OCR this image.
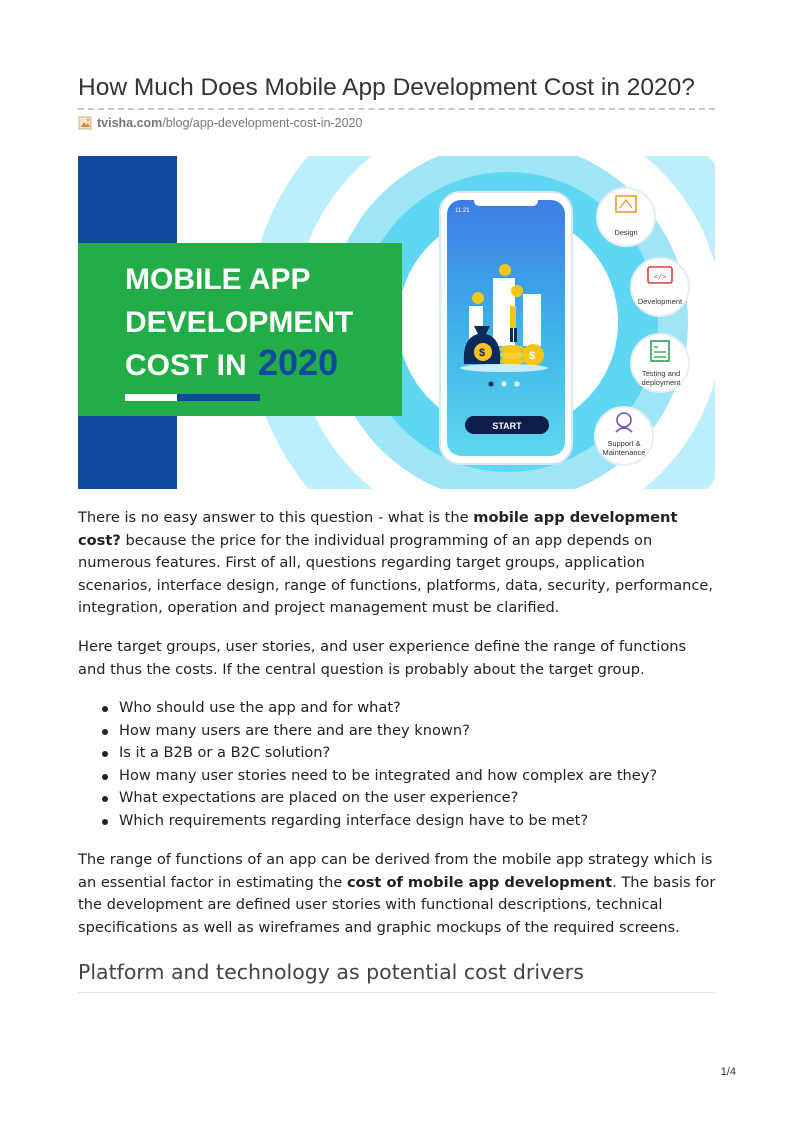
How Much Does Mobile App Development Cost in 2020?
tvisha.com/blog/app-development-cost-in-2020
MOBILE APP
DEVELOPMENT
COST IN 2020
11:21
$	$
START
Design
</>
Development
Testing and
deployment
Support &
Maintenance

There is no easy answer to this question - what is the mobile app development cost? because the price for the individual programming of an app depends on numerous features. First of all, questions regarding target groups, application scenarios, interface design, range of functions, platforms, data, security, performance, integration, operation and project management must be clarified.

Here target groups, user stories, and user experience define the range of functions and thus the costs. If the central question is probably about the target group.

Who should use the app and for what?
How many users are there and are they known?
Is it a B2B or a B2C solution?
How many user stories need to be integrated and how complex are they?
What expectations are placed on the user experience?
Which requirements regarding interface design have to be met?

The range of functions of an app can be derived from the mobile app strategy which is an essential factor in estimating the cost of mobile app development. The basis for the development are defined user stories with functional descriptions, technical specifications as well as wireframes and graphic mockups of the required screens.

Platform and technology as potential cost drivers
1/4
